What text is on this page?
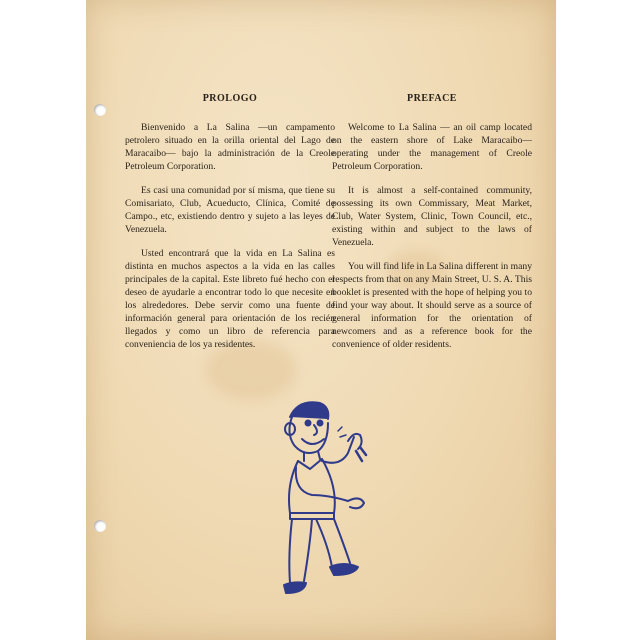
PROLOGO

Bienvenido a La Salina —un campamento petrolero situado en la orilla oriental del Lago de Maracaibo— bajo la administración de la Creole Petroleum Corporation.

Es casi una comunidad por sí misma, que tiene su Comisariato, Club, Acueducto, Clínica, Comité de Campo., etc, existiendo dentro y sujeto a las leyes de Venezuela.

Usted encontrará que la vida en La Salina es distinta en muchos aspectos a la vida en las calles principales de la capital. Este libreto fué hecho con el deseo de ayudarle a encontrar todo lo que necesite en los alrededores. Debe servir como una fuente de información general para orientación de los recién llegados y como un libro de referencia para conveniencia de los ya residentes.

PREFACE

Welcome to La Salina — an oil camp located on the eastern shore of Lake Maracaibo— operating under the management of Creole Petroleum Corporation.

It is almost a self-contained community, possessing its own Commissary, Meat Market, Club, Water System, Clinic, Town Council, etc., existing within and subject to the laws of Venezuela.

You will find life in La Salina different in many respects from that on any Main Street, U. S. A. This booklet is presented with the hope of helping you to find your way about. It should serve as a source of general information for the orientation of newcomers and as a reference book for the convenience of older residents.
